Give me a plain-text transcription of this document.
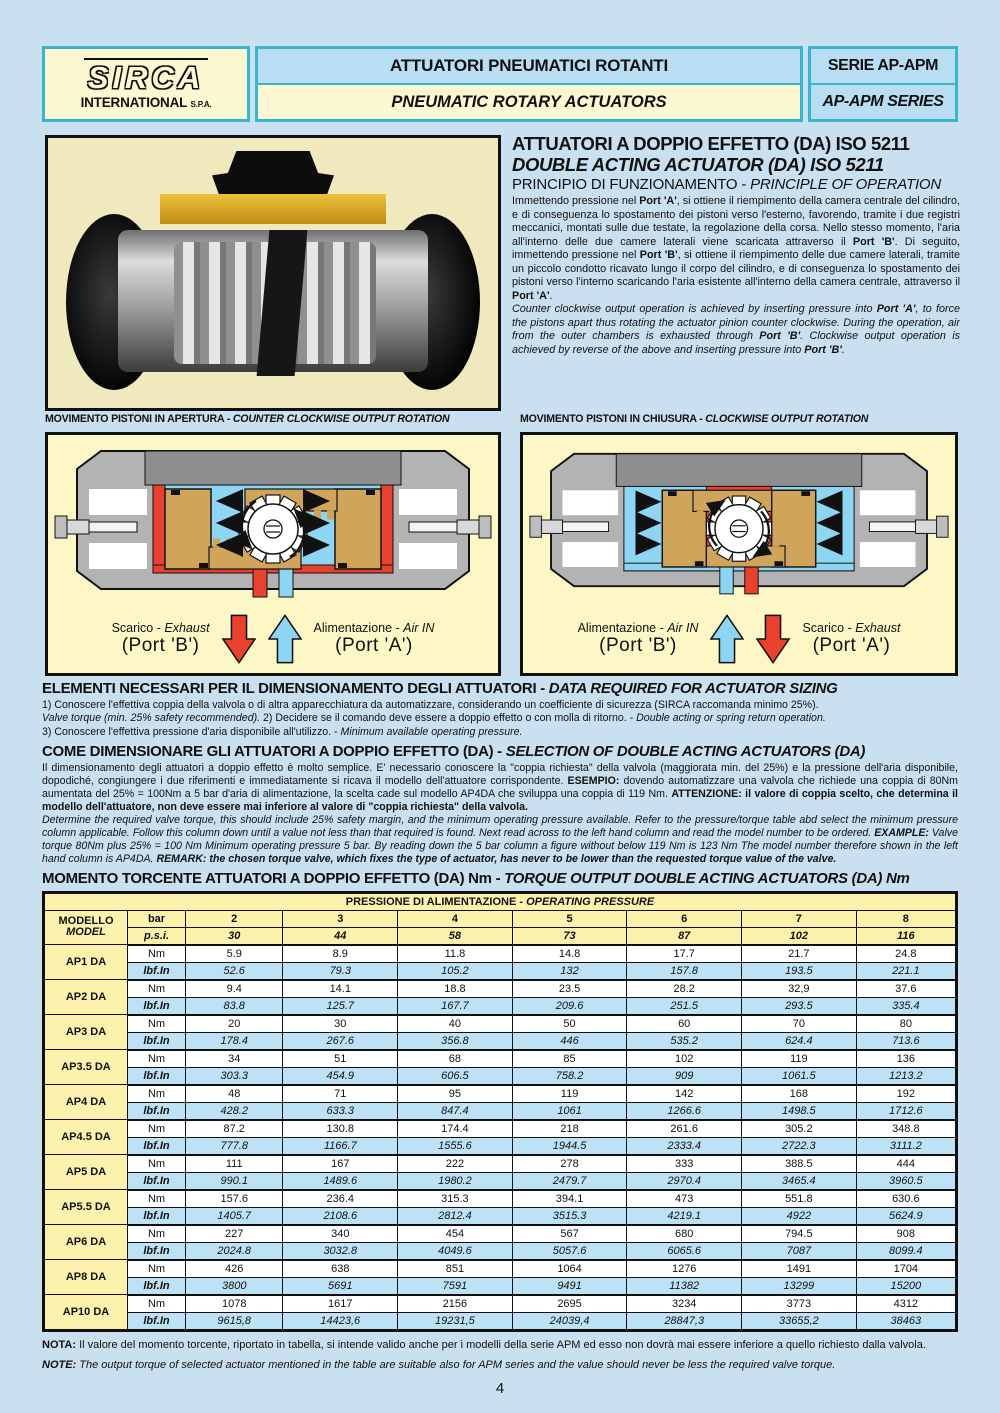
SIRCA
INTERNATIONAL S.P.A.
ATTUATORI PNEUMATICI ROTANTI
PNEUMATIC ROTARY ACTUATORS
SERIE AP-APM
AP-APM SERIES
ATTUATORI A DOPPIO EFFETTO (DA) ISO 5211
DOUBLE ACTING ACTUATOR (DA) ISO 5211
PRINCIPIO DI FUNZIONAMENTO - PRINCIPLE OF OPERATION

Immettendo pressione nel Port 'A', si ottiene il riempimento della camera centrale del cilindro, e di conseguenza lo spostamento dei pistoni verso l'esterno, favorendo, tramite i due registri meccanici, montati sulle due testate, la regolazione della corsa. Nello stesso momento, l'aria all'interno delle due camere laterali viene scaricata attraverso il Port 'B'. Di seguito, immettendo pressione nel Port 'B', si ottiene il riempimento delle due camere laterali, tramite un piccolo condotto ricavato lungo il corpo del cilindro, e di conseguenza lo spostamento dei pistoni verso l'interno scaricando l'aria esistente all'interno della camera centrale, attraverso il Port 'A'.

Counter clockwise output operation is achieved by inserting pressure into Port 'A', to force the pistons apart thus rotating the actuator pinion counter clockwise. During the operation, air from the outer chambers is exhausted through Port 'B'. Clockwise output operation is achieved by reverse of the above and inserting pressure into Port 'B'.

MOVIMENTO PISTONI IN APERTURA - COUNTER CLOCKWISE OUTPUT ROTATION	MOVIMENTO PISTONI IN CHIUSURA - CLOCKWISE OUTPUT ROTATION
Scarico - Exhaust
(Port 'B')
Alimentazione - Air IN
(Port 'A')
Alimentazione - Air IN
(Port 'B')
Scarico - Exhaust
(Port 'A')
ELEMENTI NECESSARI PER IL DIMENSIONAMENTO DEGLI ATTUATORI - DATA REQUIRED FOR ACTUATOR SIZING

1) Conoscere l'effettiva coppia della valvola o di altra apparecchiatura da automatizzare, considerando un coefficiente di sicurezza (SIRCA raccomanda minimo 25%).

Valve torque (min. 25% safety recommended). 2) Decidere se il comando deve essere a doppio effetto o con molla di ritorno. - Double acting or spring return operation.

3) Conoscere l'effettiva pressione d'aria disponibile all'utilizzo. - Minimum available operating pressure.

COME DIMENSIONARE GLI ATTUATORI A DOPPIO EFFETTO (DA) - SELECTION OF DOUBLE ACTING ACTUATORS (DA)

Il dimensionamento degli attuatori a doppio effetto è molto semplice. E' necessario conoscere la "coppia richiesta" della valvola (maggiorata min. del 25%) e la pressione dell'aria disponibile, dopodiché, congiungere i due riferimenti e immediatamente si ricava il modello dell'attuatore corrispondente. ESEMPIO: dovendo automatizzare una valvola che richiede una coppia di 80Nm aumentata del 25% = 100Nm a 5 bar d'aria di alimentazione, la scelta cade sul modello AP4DA che sviluppa una coppia di 119 Nm. ATTENZIONE: il valore di coppia scelto, che determina il modello dell'attuatore, non deve essere mai inferiore al valore di "coppia richiesta" della valvola.

Determine the required valve torque, this should include 25% safety margin, and the minimum operating pressure available. Refer to the pressure/torque table abd select the minimum pressure column applicable. Follow this column down until a value not less than that required is found. Next read across to the left hand column and read the model number to be ordered. EXAMPLE: Valve torque 80Nm plus 25% = 100 Nm Minimum operating pressure 5 bar. By reading down the 5 bar column a figure without below 119 Nm is 123 Nm The model number therefore shown in the left hand column is AP4DA. REMARK: the chosen torque valve, which fixes the type of actuator, has never to be lower than the requested torque value of the valve.

MOMENTO TORCENTE ATTUATORI A DOPPIO EFFETTO (DA) Nm - TORQUE OUTPUT DOUBLE ACTING ACTUATORS (DA) Nm
PRESSIONE DI ALIMENTAZIONE - OPERATING PRESSURE								
MODELLO
MODEL	bar	2	3	4	5	6	7	8
	p.s.i.	30	44	58	73	87	102	116
AP1 DA	Nm	5.9	8.9	11.8	14.8	17.7	21.7	24.8
	lbf.In	52.6	79.3	105.2	132	157.8	193.5	221.1
AP2 DA	Nm	9.4	14.1	18.8	23.5	28.2	32,9	37.6
	lbf.In	83.8	125.7	167.7	209.6	251.5	293.5	335.4
AP3 DA	Nm	20	30	40	50	60	70	80
	lbf.In	178.4	267.6	356.8	446	535.2	624.4	713.6
AP3.5 DA	Nm	34	51	68	85	102	119	136
	lbf.In	303.3	454.9	606.5	758.2	909	1061.5	1213.2
AP4 DA	Nm	48	71	95	119	142	168	192
	lbf.In	428.2	633.3	847.4	1061	1266.6	1498.5	1712.6
AP4.5 DA	Nm	87.2	130.8	174.4	218	261.6	305.2	348.8
	lbf.In	777.8	1166.7	1555.6	1944.5	2333.4	2722.3	3111.2
AP5 DA	Nm	111	167	222	278	333	388.5	444
	lbf.In	990.1	1489.6	1980.2	2479.7	2970.4	3465.4	3960.5
AP5.5 DA	Nm	157.6	236.4	315.3	394.1	473	551.8	630.6
	lbf.In	1405.7	2108.6	2812.4	3515.3	4219.1	4922	5624.9
AP6 DA	Nm	227	340	454	567	680	794.5	908
	lbf.In	2024.8	3032.8	4049.6	5057.6	6065.6	7087	8099.4
AP8 DA	Nm	426	638	851	1064	1276	1491	1704
	lbf.In	3800	5691	7591	9491	11382	13299	15200
AP10 DA	Nm	1078	1617	2156	2695	3234	3773	4312
	lbf.In	9615,8	14423,6	19231,5	24039,4	28847,3	33655,2	38463

NOTA: Il valore del momento torcente, riportato in tabella, si intende valido anche per i modelli della serie APM ed esso non dovrà mai essere inferiore a quello richiesto dalla valvola.

NOTE: The output torque of selected actuator mentioned in the table are suitable also for APM series and the value should never be less the required valve torque.

4
